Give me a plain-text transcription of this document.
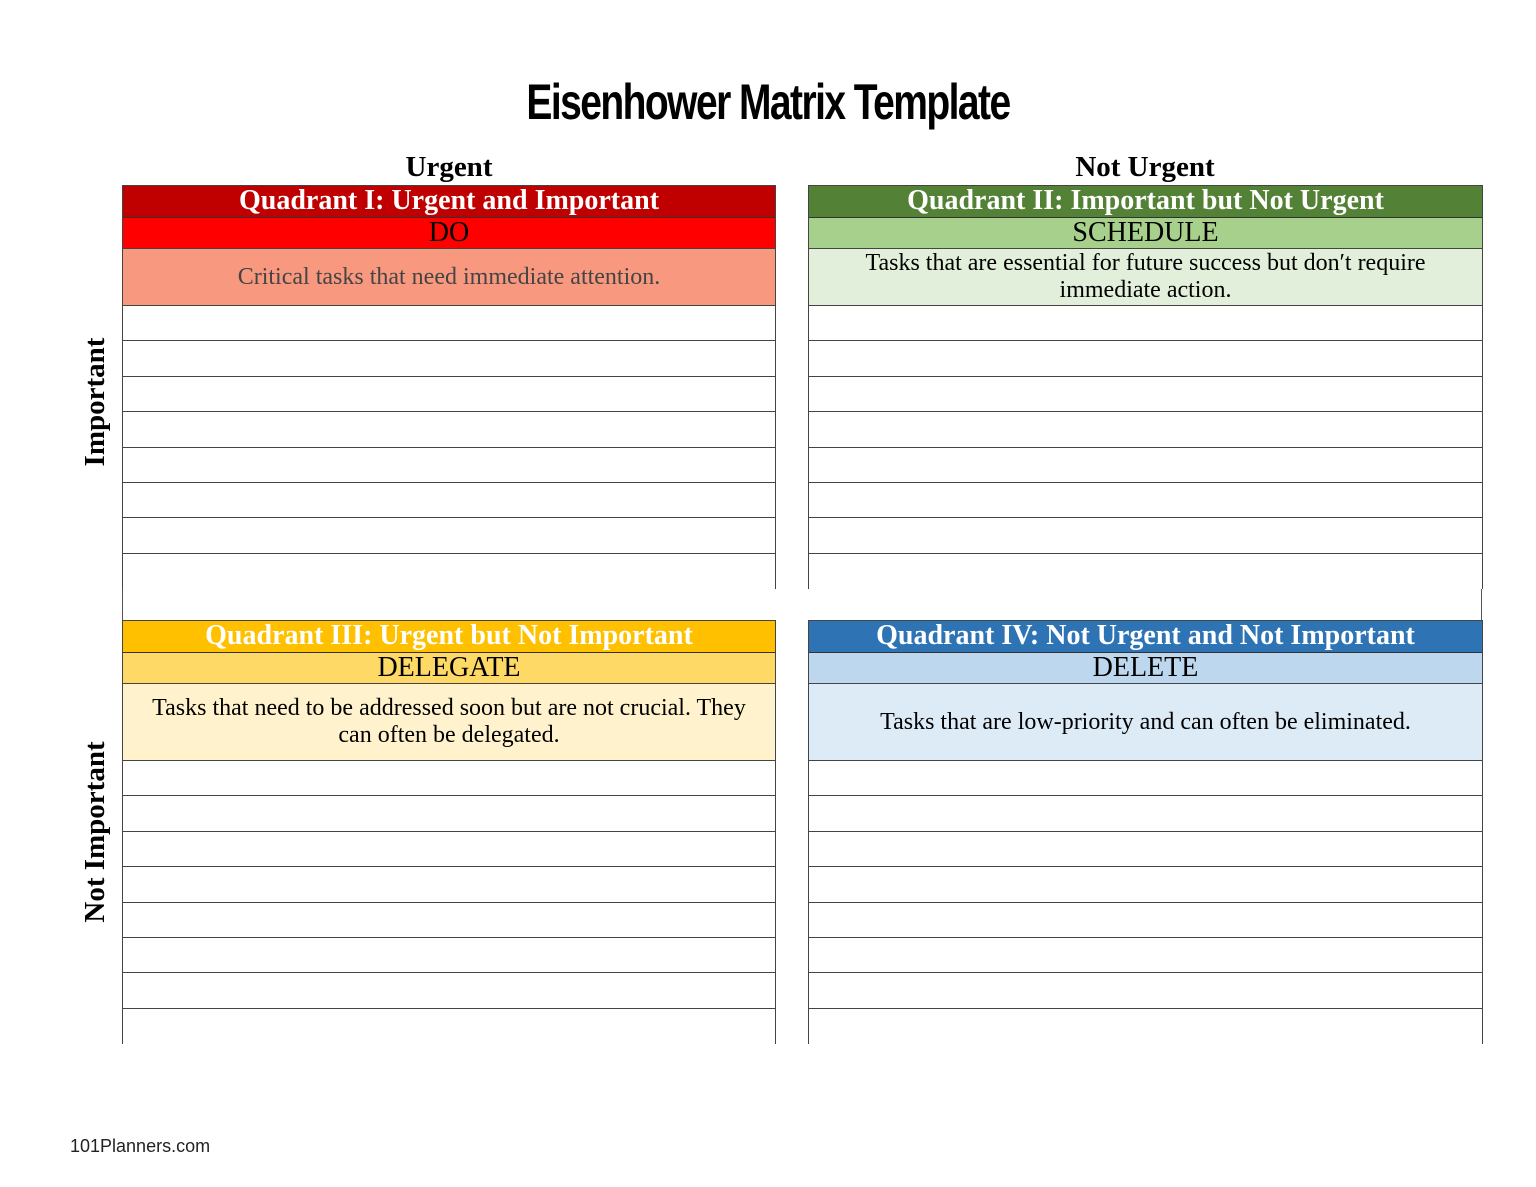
Eisenhower Matrix Template
Urgent	Not Urgent
Important
Not Important
Quadrant I: Urgent and Important
DO
Critical tasks that need immediate attention.
Quadrant II: Important but Not Urgent
SCHEDULE
Tasks that are essential for future success but don′t require immediate action.
Quadrant III: Urgent but Not Important
DELEGATE
Tasks that need to be addressed soon but are not crucial. They can often be delegated.
Quadrant IV: Not Urgent and Not Important
DELETE
Tasks that are low-priority and can often be eliminated.
101Planners.com
